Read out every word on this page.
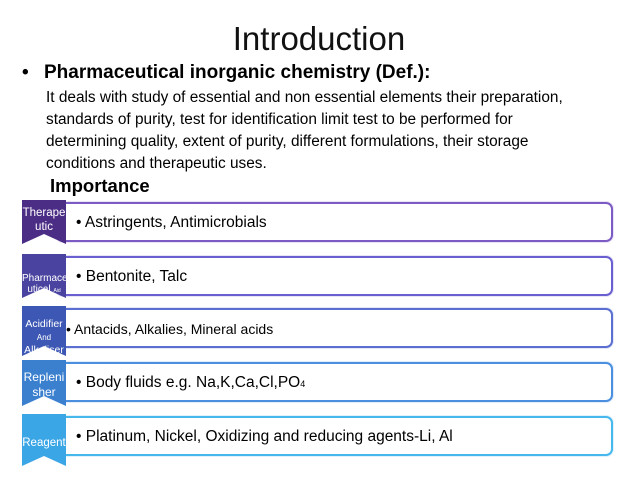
Introduction
• Pharmaceutical inorganic chemistry (Def.):
It deals with study of essential and non essential elements their preparation,
standards of purity, test for identification limit test to be performed for
determining quality, extent of purity, different formulations, their storage
conditions and therapeutic uses.
Importance
• Astringents, Antimicrobials
Therape
utic
• Bentonite, Talc
Pharmace
utical Aid
• Antacids, Alkalies, Mineral acids
Acidifier
And
Alkaliser
• Body fluids e.g. Na,K,Ca,Cl,PO4
Repleni
sher
• Platinum, Nickel, Oxidizing and reducing agents-Li, Al
Reagent
